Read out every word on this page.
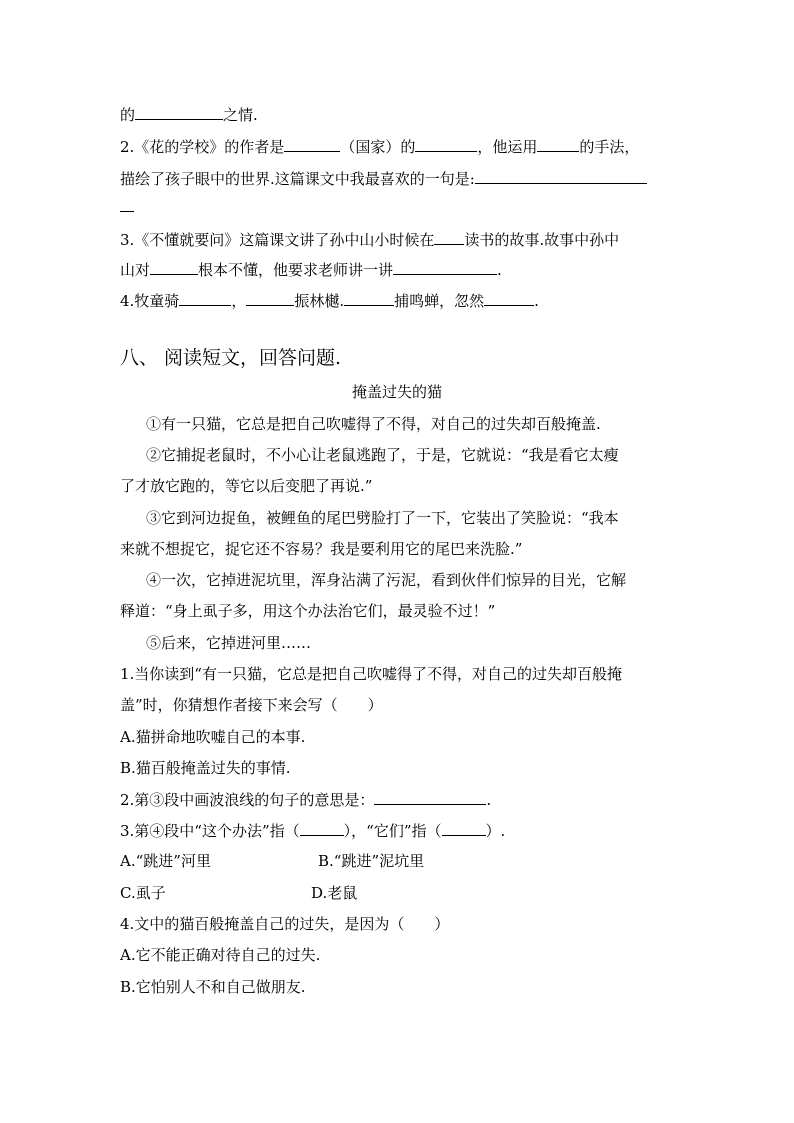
的	之情.
2.《花的学校》的作者是	（国家）的	，他运用	的手法，
描绘了孩子眼中的世界.这篇课文中我最喜欢的一句是:
3.《不懂就要问》这篇课文讲了孙中山小时候在 读书的故事.故事中孙中
山对	根本不懂，他要求老师讲一讲	.
4.牧童骑	，	振林樾.	捕鸣蝉，忽然	.
八、 阅读短文，回答问题.
掩盖过失的猫
①有一只猫，它总是把自己吹嘘得了不得，对自己的过失却百般掩盖.
②它捕捉老鼠时，不小心让老鼠逃跑了，于是，它就说：“我是看它太瘦
了才放它跑的，等它以后变肥了再说.”
③它到河边捉鱼，被鲤鱼的尾巴劈脸打了一下，它装出了笑脸说：“我本
来就不想捉它，捉它还不容易？我是要利用它的尾巴来洗脸.”
④一次，它掉进泥坑里，浑身沾满了污泥，看到伙伴们惊异的目光，它解
释道：“身上虱子多，用这个办法治它们，最灵验不过！”
⑤后来，它掉进河里……
1.当你读到“有一只猫，它总是把自己吹嘘得了不得，对自己的过失却百般掩
盖”时，你猜想作者接下来会写（　　）
A.猫拼命地吹嘘自己的本事.
B.猫百般掩盖过失的事情.
2.第③段中画波浪线的句子的意思是：	.
3.第④段中“这个办法”指（	），“它们”指（	）.
A.“跳进”河里	B.“跳进”泥坑里
C.虱子	D.老鼠
4.文中的猫百般掩盖自己的过失，是因为（　　）
A.它不能正确对待自己的过失.
B.它怕别人不和自己做朋友.
